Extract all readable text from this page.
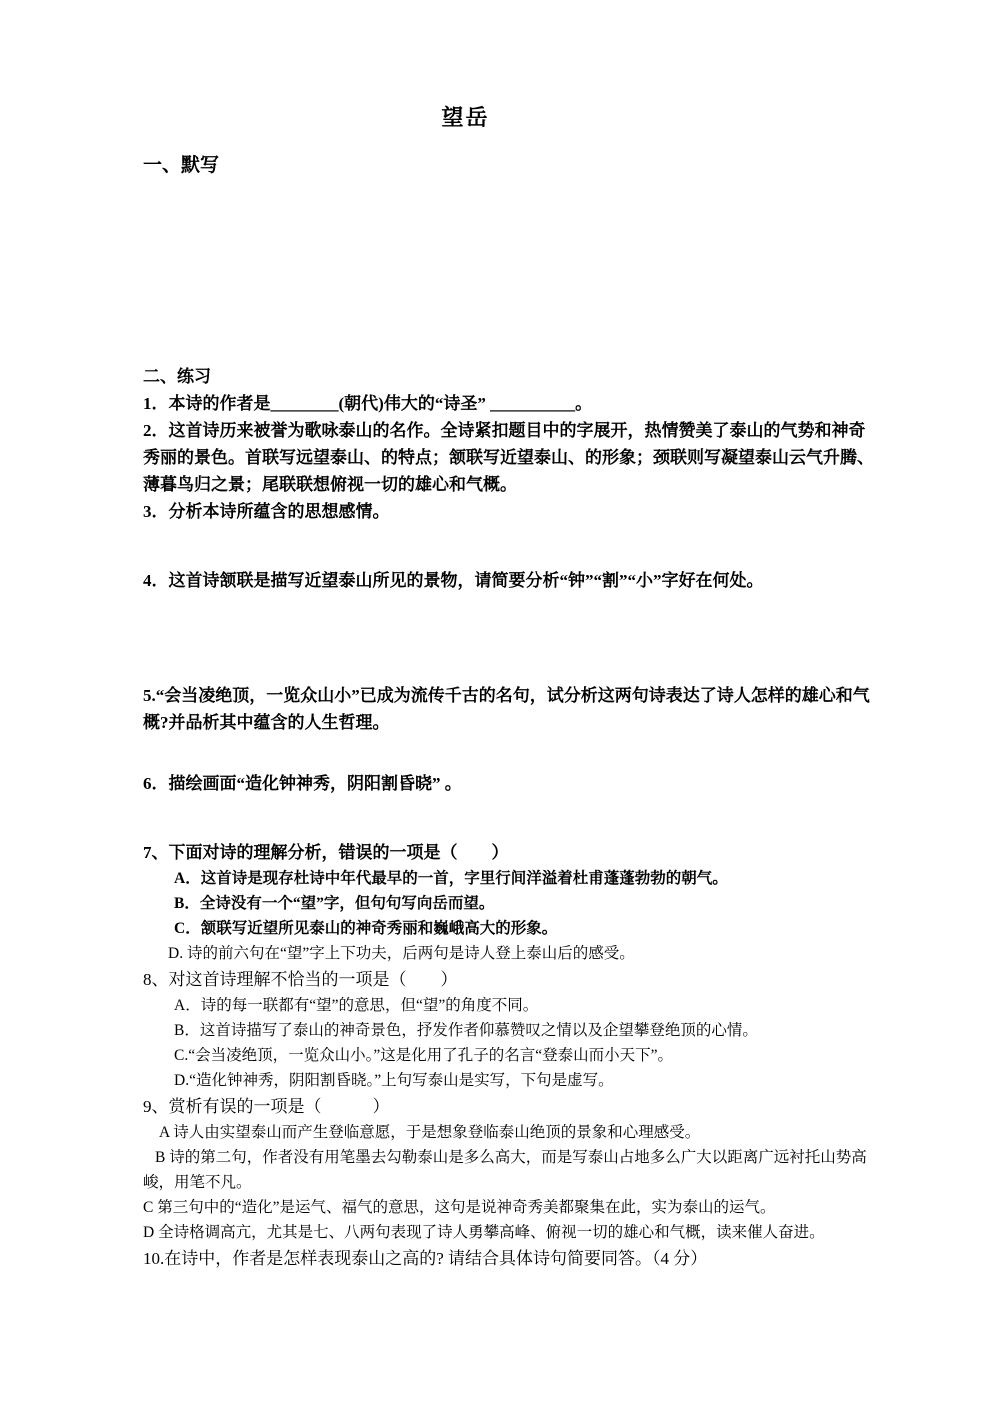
望岳
一、默写
二、练习

1．本诗的作者是________(朝代)伟大的“诗圣” __________。

2．这首诗历来被誉为歌咏泰山的名作。全诗紧扣题目中的字展开，热情赞美了泰山的气势和神奇秀丽的景色。首联写远望泰山、的特点；颔联写近望泰山、的形象；颈联则写凝望泰山云气升腾、薄暮鸟归之景；尾联联想俯视一切的雄心和气概。

3．分析本诗所蕴含的思想感情。

4．这首诗颔联是描写近望泰山所见的景物，请简要分析“钟”“割”“小”字好在何处。

5.“会当凌绝顶，一览众山小”已成为流传千古的名句，试分析这两句诗表达了诗人怎样的雄心和气概?并品析其中蕴含的人生哲理。

6．描绘画面“造化钟神秀，阴阳割昏晓” 。

7、下面对诗的理解分析，错误的一项是（　　）

A．这首诗是现存杜诗中年代最早的一首，字里行间洋溢着杜甫蓬蓬勃勃的朝气。

B．全诗没有一个“望”字，但句句写向岳而望。

C．颔联写近望所见泰山的神奇秀丽和巍峨高大的形象。

D. 诗的前六句在“望”字上下功夫，后两句是诗人登上泰山后的感受。

8、对这首诗理解不恰当的一项是（　　）

A．诗的每一联都有“望”的意思，但“望”的角度不同。

B．这首诗描写了泰山的神奇景色，抒发作者仰慕赞叹之情以及企望攀登绝顶的心情。

C.“会当凌绝顶，一览众山小。”这是化用了孔子的名言“登泰山而小天下”。

D.“造化钟神秀，阴阳割昏晓。”上句写泰山是实写，下句是虚写。

9、赏析有误的一项是（　　　）

A 诗人由实望泰山而产生登临意愿，于是想象登临泰山绝顶的景象和心理感受。

B 诗的第二句，作者没有用笔墨去勾勒泰山是多么高大，而是写泰山占地多么广大以距离广远衬托山势高峻，用笔不凡。

C 第三句中的“造化”是运气、福气的意思，这句是说神奇秀美都聚集在此，实为泰山的运气。

D 全诗格调高亢，尤其是七、八两句表现了诗人勇攀高峰、俯视一切的雄心和气概，读来催人奋进。

10.在诗中，作者是怎样表现泰山之高的? 请结合具体诗句简要同答。（4 分）
